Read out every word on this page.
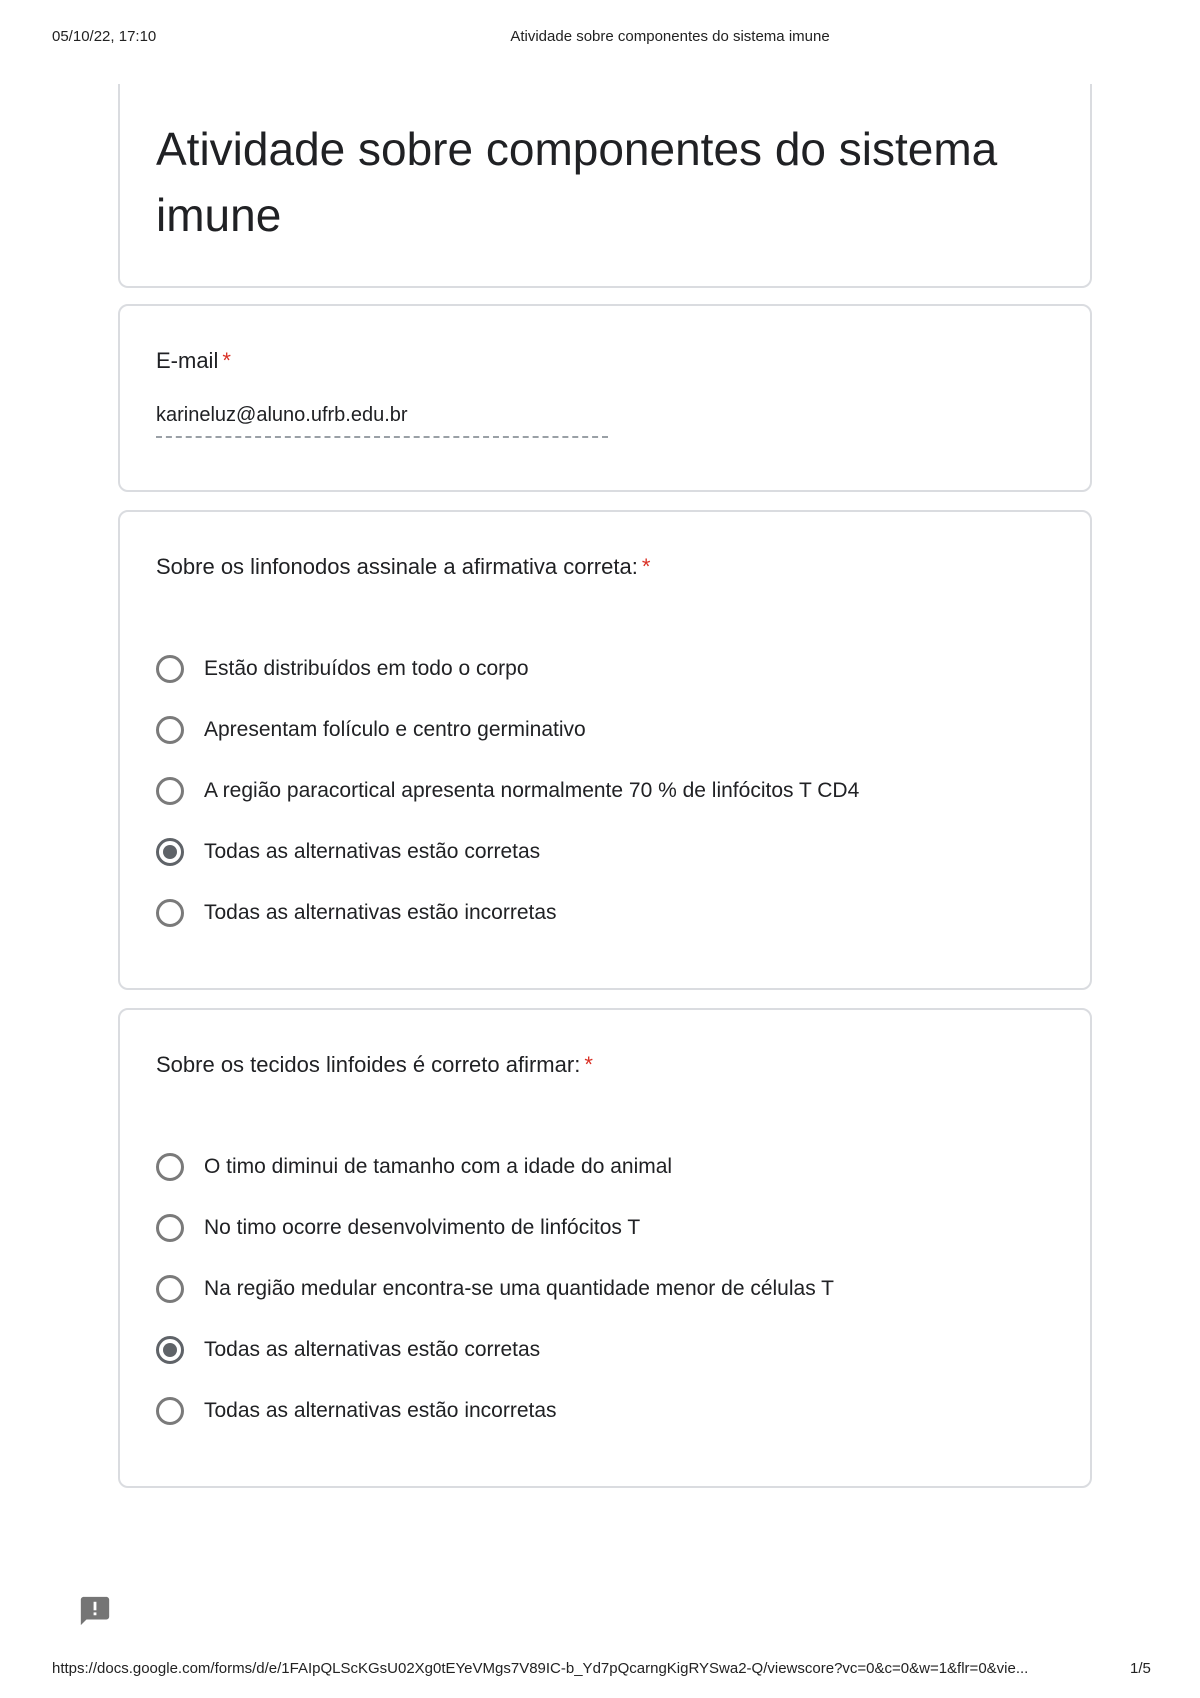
05/10/22, 17:10	Atividade sobre componentes do sistema imune
Atividade sobre componentes do sistema imune
E-mail *
karineluz@aluno.ufrb.edu.br
Sobre os linfonodos assinale a afirmativa correta: *
Estão distribuídos em todo o corpo
Apresentam folículo e centro germinativo
A região paracortical apresenta normalmente 70 % de linfócitos T CD4
Todas as alternativas estão corretas
Todas as alternativas estão incorretas
Sobre os tecidos linfoides é correto afirmar: *
O timo diminui de tamanho com a idade do animal
No timo ocorre desenvolvimento de linfócitos T
Na região medular encontra-se uma quantidade menor de células T
Todas as alternativas estão corretas
Todas as alternativas estão incorretas
https://docs.google.com/forms/d/e/1FAIpQLScKGsU02Xg0tEYeVMgs7V89IC-b_Yd7pQcarngKigRYSwa2-Q/viewscore?vc=0&c=0&w=1&flr=0&vie...	1/5
